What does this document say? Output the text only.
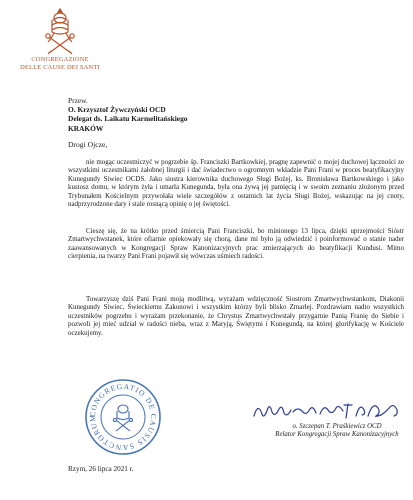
CONGREGAZIONE
DELLE CAUSE DEI SANTI
Przew.
O. Krzysztof Żywczyński OCD
Delegat ds. Laikatu Karmelitańskiego
KRAKÓW
Drogi Ojcze,

nie mogąc uczestniczyć w pogrzebie śp. Franciszki Bartkowkiej, pragnę zapewnić o mojej duchowej łączności ze wszystkimi uczestnikami żałobnej liturgii i dać świadectwo o ogromnym wkładzie Pani Frani w proces beatyfikacyjny Kunegundy Siwiec OCDS. Jako siostra kierownika duchowego Sługi Bożej, ks. Bronisława Bartkowskiego i jako kustosz domu, w którym żyła i umarła Kunegunda, była ona żywą jej pamięcią i w swoim zeznaniu złożonym przed Trybunałem Kościelnym przywołała wiele szczegółów z ostatnich lat życia Sługi Bożej, wskazując na jej cnoty, nadprzyrodzone dary i stale rosnącą opinię o jej świętości.

Cieszę się, że na krótko przed śmiercią Pani Franciszki, bo minionego 13 lipca, dzięki uprzejmości Sióstr Zmartwychwstanek, które ofiarnie opiekowały się chorą, dane mi było ją odwiedzić i poinformować o stanie nader zaawansowanych w Kongregacji Spraw Kanonizacyjnych prac zmierzających do beatyfikacji Kundusi. Mimo cierpienia, na twarzy Pani Frani pojawił się wówczas uśmiech radości.

Towarzyszę dziś Pani Frani moją modlitwą, wyrażam wdzięczność Siostrom Zmartwychwstankom, Diakonii Kunegundy Siwiec, Świeckiemu Zakonowi i wszystkim którzy byli blisko Zmarłej. Pozdrawiam nadto wszystkich uczestników pogrzebu i wyrażam przekonanie, że Chrystus Zmartwychwstały przygarnie Panią Franię do Siebie i pozwoli jej mieć udział w radości nieba, wraz z Maryją, Świętymi i Kunegundą, na której glorifykację w Kościele oczekujemy.

CONGREGATIO DE CAUSIS SANCTORUM
o. Szczepan T. Praśkiewicz OCD
Relator Kongregacji Spraw Kanonizacyjnych
Rzym, 26 lipca 2021 r.
